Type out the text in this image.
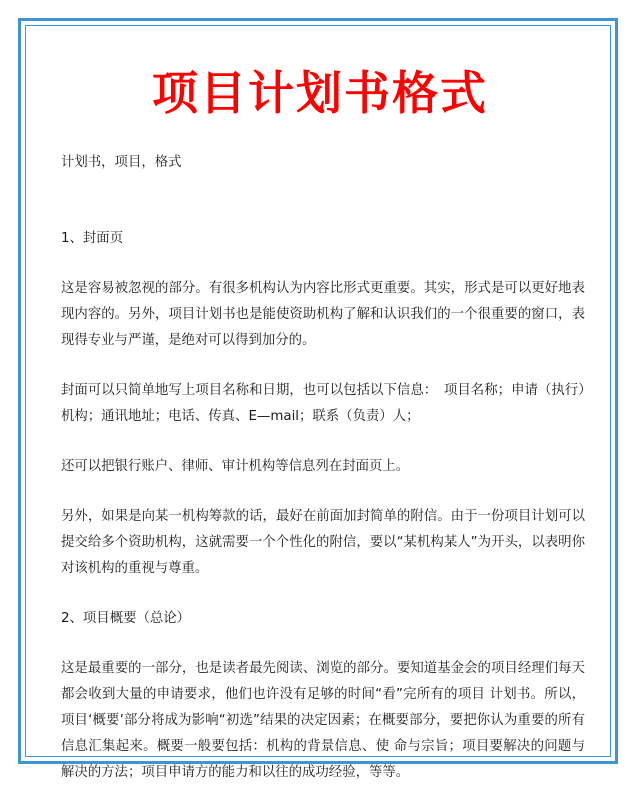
项目计划书格式

计划书，项目，格式

1、封面页

这是容易被忽视的部分。有很多机构认为内容比形式更重要。其实，形式是可以更好地表现内容的。另外，项目计划书也是能使资助机构了解和认识我们的一个很重要的窗口，表现得专业与严谨，是绝对可以得到加分的。

封面可以只简单地写上项目名称和日期，也可以包括以下信息：　项目名称；申请（执行）机构；通讯地址；电话、传真、E—mail；联系（负责）人；

还可以把银行账户、律师、审计机构等信息列在封面页上。

另外，如果是向某一机构筹款的话，最好在前面加封简单的附信。由于一份项目计划可以提交给多个资助机构，这就需要一个个性化的附信，要以“某机构某人”为开头，以表明你对该机构的重视与尊重。

2、项目概要（总论）

这是最重要的一部分，也是读者最先阅读、浏览的部分。要知道基金会的项目经理们每天都会收到大量的申请要求，他们也许没有足够的时间“看”完所有的项目 计划书。所以，项目‘概要’部分将成为影响“初选”结果的决定因素；在概要部分，要把你认为重要的所有信息汇集起来。概要一般要包括：机构的背景信息、使 命与宗旨；项目要解决的问题与解决的方法；项目申请方的能力和以往的成功经验，等等。
